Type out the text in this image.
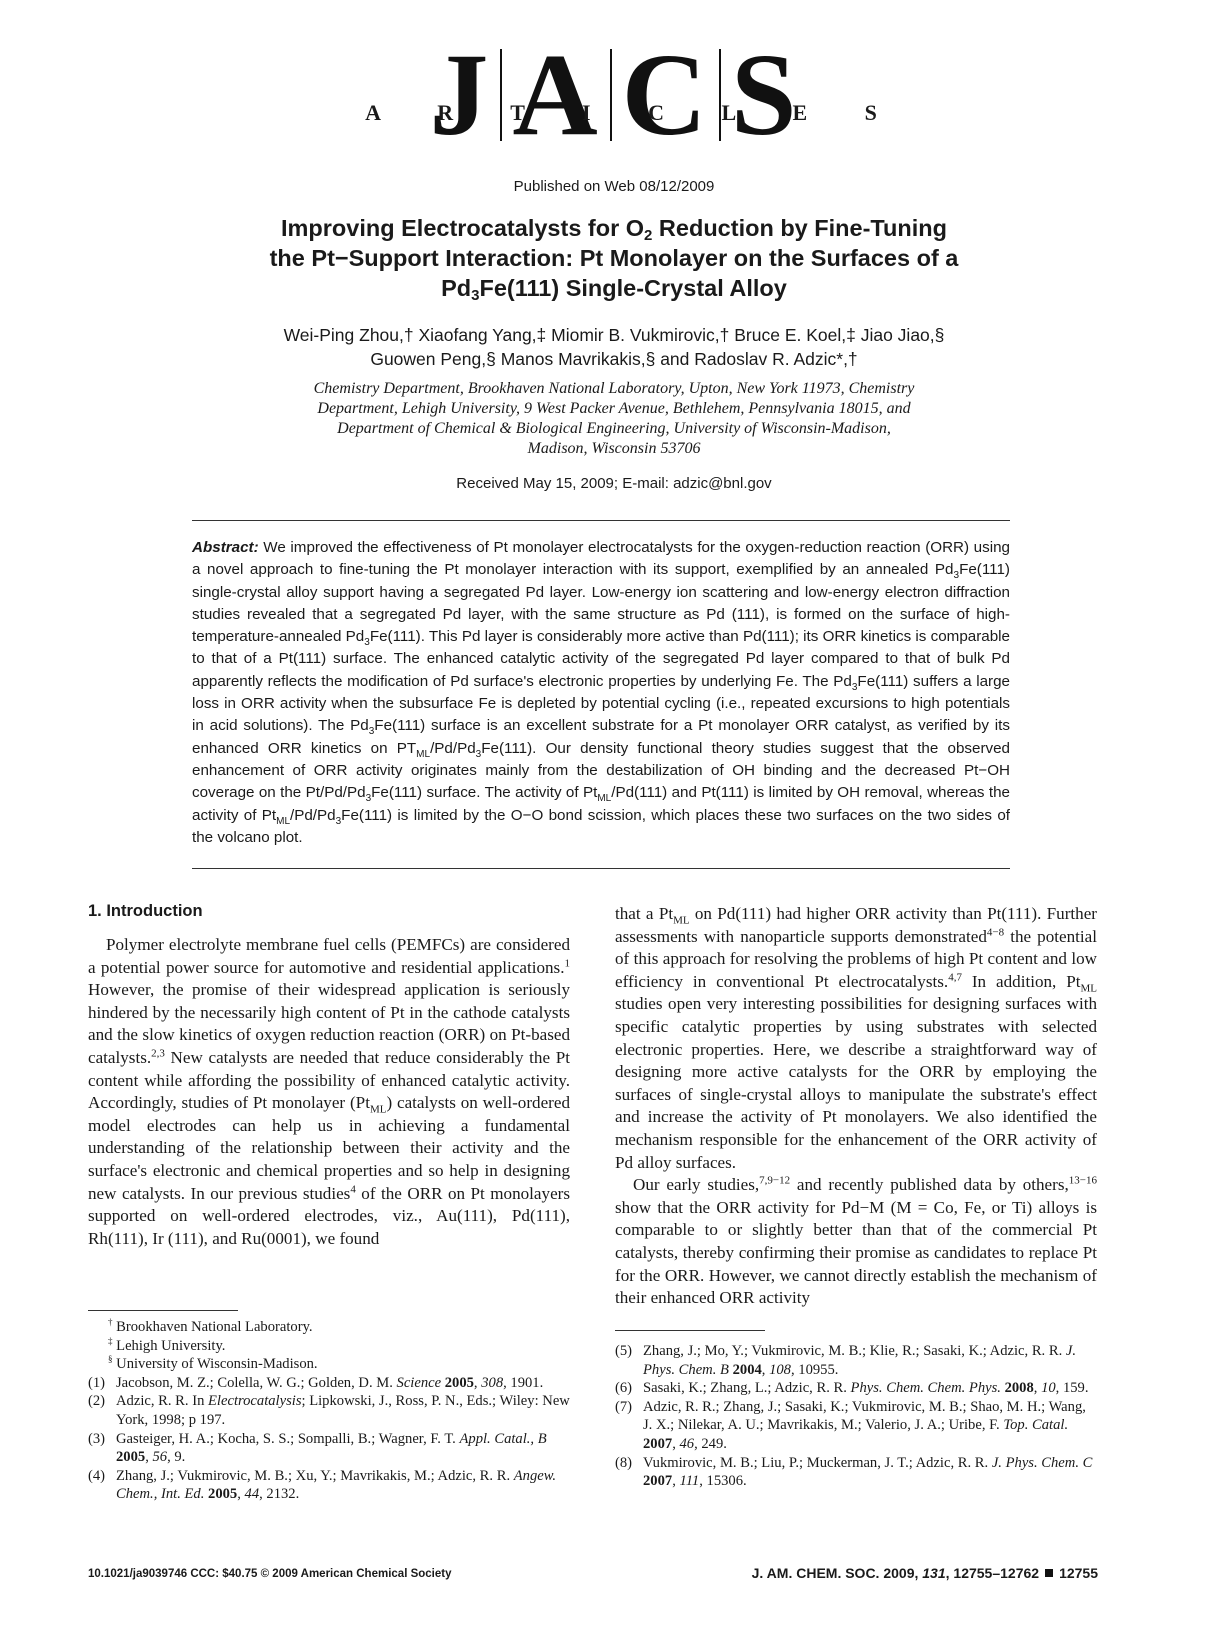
J A C S
A R T I C L E S
Published on Web 08/12/2009
Improving Electrocatalysts for $O_2$ Reduction by Fine-Tuning
the Pt−Support Interaction: Pt Monolayer on the Surfaces of a
$Pd_3Fe(111)$ Single-Crystal Alloy
Wei-Ping Zhou,† Xiaofang Yang,‡ Miomir B. Vukmirovic,† Bruce E. Koel,‡ Jiao Jiao,§
Guowen Peng,§ Manos Mavrikakis,§ and Radoslav R. Adzic*,†
Chemistry Department, Brookhaven National Laboratory, Upton, New York 11973, Chemistry
Department, Lehigh University, 9 West Packer Avenue, Bethlehem, Pennsylvania 18015, and
Department of Chemical & Biological Engineering, University of Wisconsin-Madison,
Madison, Wisconsin 53706
Received May 15, 2009; E-mail: adzic@bnl.gov
Abstract: We improved the effectiveness of Pt monolayer electrocatalysts for the oxygen-reduction reaction (ORR) using a novel approach to fine-tuning the Pt monolayer interaction with its support, exemplified by an annealed $Pd_3Fe(111)$ single-crystal alloy support having a segregated Pd layer. Low-energy ion scattering and low-energy electron diffraction studies revealed that a segregated Pd layer, with the same structure as Pd (111), is formed on the surface of high-temperature-annealed $Pd_3Fe(111)$. This Pd layer is considerably more active than Pd(111); its ORR kinetics is comparable to that of a Pt(111) surface. The enhanced catalytic activity of the segregated Pd layer compared to that of bulk Pd apparently reflects the modification of Pd surface's electronic properties by underlying Fe. The $Pd_3Fe(111)$ suffers a large loss in ORR activity when the subsurface Fe is depleted by potential cycling (i.e., repeated excursions to high potentials in acid solutions). The $Pd_3Fe(111)$ surface is an excellent substrate for a Pt monolayer ORR catalyst, as verified by its enhanced ORR kinetics on $PT_{ML}/Pd/Pd_3Fe(111)$. Our density functional theory studies suggest that the observed enhancement of ORR activity originates mainly from the destabilization of OH binding and the decreased Pt−OH coverage on the $Pt/Pd/Pd_3Fe(111)$ surface. The activity of $Pt_{ML}/Pd(111)$ and Pt(111) is limited by OH removal, whereas the activity of $Pt_{ML}/Pd/Pd_3Fe(111)$ is limited by the O−O bond scission, which places these two surfaces on the two sides of the volcano plot.
1. Introduction

Polymer electrolyte membrane fuel cells (PEMFCs) are considered a potential power source for automotive and residential applications.$^1$ However, the promise of their widespread application is seriously hindered by the necessarily high content of Pt in the cathode catalysts and the slow kinetics of oxygen reduction reaction (ORR) on Pt-based catalysts.$^{2,3}$ New catalysts are needed that reduce considerably the Pt content while affording the possibility of enhanced catalytic activity. Accordingly, studies of Pt monolayer $(Pt_{ML})$ catalysts on well-ordered model electrodes can help us in achieving a fundamental understanding of the relationship between their activity and the surface's electronic and chemical properties and so help in designing new catalysts. In our previous studies$^4$ of the ORR on Pt monolayers supported on well-ordered electrodes, viz., Au(111), Pd(111), Rh(111), Ir (111), and Ru(0001), we found

that a $Pt_{ML}$ on Pd(111) had higher ORR activity than Pt(111). Further assessments with nanoparticle supports demonstrated$^{4-8}$ the potential of this approach for resolving the problems of high Pt content and low efficiency in conventional Pt electrocatalysts.$^{4,7}$ In addition, $Pt_{ML}$ studies open very interesting possibilities for designing surfaces with specific catalytic properties by using substrates with selected electronic properties. Here, we describe a straightforward way of designing more active catalysts for the ORR by employing the surfaces of single-crystal alloys to manipulate the substrate's effect and increase the activity of Pt monolayers. We also identified the mechanism responsible for the enhancement of the ORR activity of Pd alloy surfaces.

Our early studies,$^{7,9-12}$ and recently published data by others,$^{13-16}$ show that the ORR activity for Pd−M (M = Co, Fe, or Ti) alloys is comparable to or slightly better than that of the commercial Pt catalysts, thereby confirming their promise as candidates to replace Pt for the ORR. However, we cannot directly establish the mechanism of their enhanced ORR activity

† Brookhaven National Laboratory.
‡ Lehigh University.
§ University of Wisconsin-Madison.
(1) Jacobson, M. Z.; Colella, W. G.; Golden, D. M. Science 2005, 308, 1901.
(2) Adzic, R. R. In Electrocatalysis; Lipkowski, J., Ross, P. N., Eds.; Wiley: New York, 1998; p 197.
(3) Gasteiger, H. A.; Kocha, S. S.; Sompalli, B.; Wagner, F. T. Appl. Catal., B 2005, 56, 9.
(4) Zhang, J.; Vukmirovic, M. B.; Xu, Y.; Mavrikakis, M.; Adzic, R. R. Angew. Chem., Int. Ed. 2005, 44, 2132.
(5) Zhang, J.; Mo, Y.; Vukmirovic, M. B.; Klie, R.; Sasaki, K.; Adzic, R. R. J. Phys. Chem. B 2004, 108, 10955.
(6) Sasaki, K.; Zhang, L.; Adzic, R. R. Phys. Chem. Chem. Phys. 2008, 10, 159.
(7) Adzic, R. R.; Zhang, J.; Sasaki, K.; Vukmirovic, M. B.; Shao, M. H.; Wang, J. X.; Nilekar, A. U.; Mavrikakis, M.; Valerio, J. A.; Uribe, F. Top. Catal. 2007, 46, 249.
(8) Vukmirovic, M. B.; Liu, P.; Muckerman, J. T.; Adzic, R. R. J. Phys. Chem. C 2007, 111, 15306.
10.1021/ja9039746 CCC: $40.75 © 2009 American Chemical Society	J. AM. CHEM. SOC. 2009, 131, 12755–12762 12755
